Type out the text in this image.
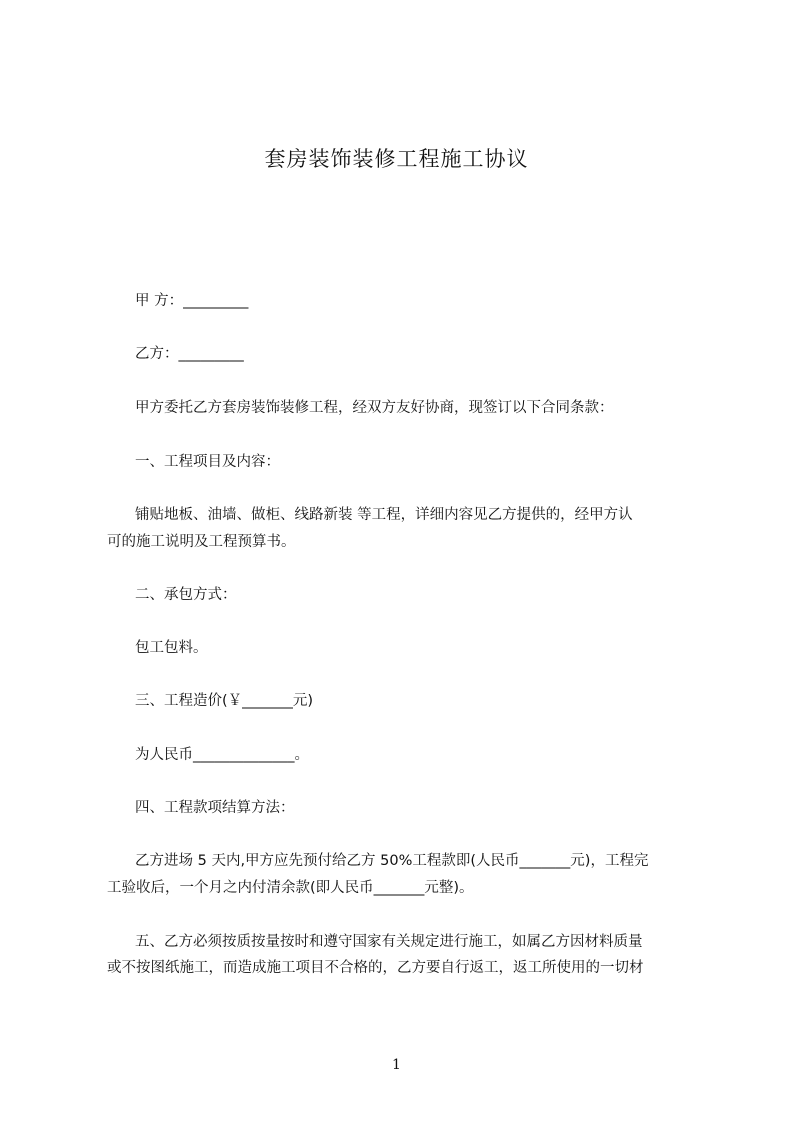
套房装饰装修工程施工协议
甲 方：_________
乙方：_________
甲方委托乙方套房装饰装修工程，经双方友好协商，现签订以下合同条款：
一、工程项目及内容：
铺贴地板、油墙、做柜、线路新装 等工程，详细内容见乙方提供的，经甲方认
可的施工说明及工程预算书。
二、承包方式：
包工包料。
三、工程造价(￥_______元)
为人民币______________。
四、工程款项结算方法：
乙方进场 5 天内,甲方应先预付给乙方 50%工程款即(人民币_______元)，工程完
工验收后，一个月之内付清余款(即人民币_______元整)。
五、乙方必须按质按量按时和遵守国家有关规定进行施工，如属乙方因材料质量
或不按图纸施工，而造成施工项目不合格的，乙方要自行返工，返工所使用的一切材
1
